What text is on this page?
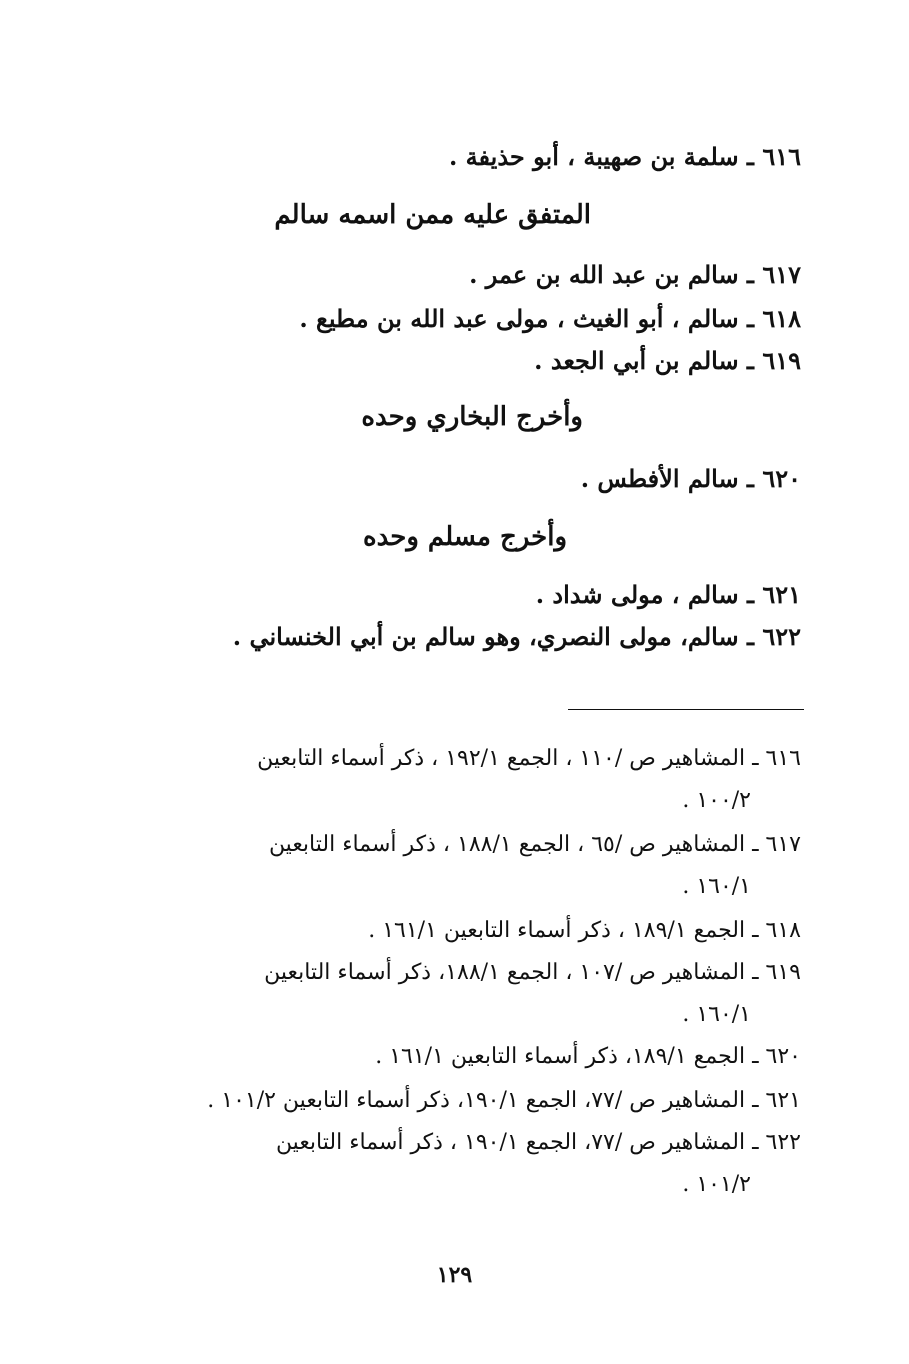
٦١٦ ـ سلمة بن صهيبة ، أبو حذيفة .
المتفق عليه ممن اسمه سالم
٦١٧ ـ سالم بن عبد الله بن عمر .
٦١٨ ـ سالم ، أبو الغيث ، مولى عبد الله بن مطيع .
٦١٩ ـ سالم بن أبي الجعد .
وأخرج البخاري وحده
٦٢٠ ـ سالم الأفطس .
وأخرج مسلم وحده
٦٢١ ـ سالم ، مولى شداد .
٦٢٢ ـ سالم، مولى النصري، وهو سالم بن أبي الخنساني .
٦١٦ ـ المشاهير ص /١١٠ ، الجمع ١٩٢/١ ، ذكر أسماء التابعين
١٠٠/٢ .
٦١٧ ـ المشاهير ص /٦٥ ، الجمع ١٨٨/١ ، ذكر أسماء التابعين
١٦٠/١ .
٦١٨ ـ الجمع ١٨٩/١ ، ذكر أسماء التابعين ١٦١/١ .
٦١٩ ـ المشاهير ص /١٠٧ ، الجمع ١٨٨/١، ذكر أسماء التابعين
١٦٠/١ .
٦٢٠ ـ الجمع ١٨٩/١، ذكر أسماء التابعين ١٦١/١ .
٦٢١ ـ المشاهير ص /٧٧، الجمع ١٩٠/١، ذكر أسماء التابعين ١٠١/٢ .
٦٢٢ ـ المشاهير ص /٧٧، الجمع ١٩٠/١ ، ذكر أسماء التابعين
١٠١/٢ .
١٢٩
